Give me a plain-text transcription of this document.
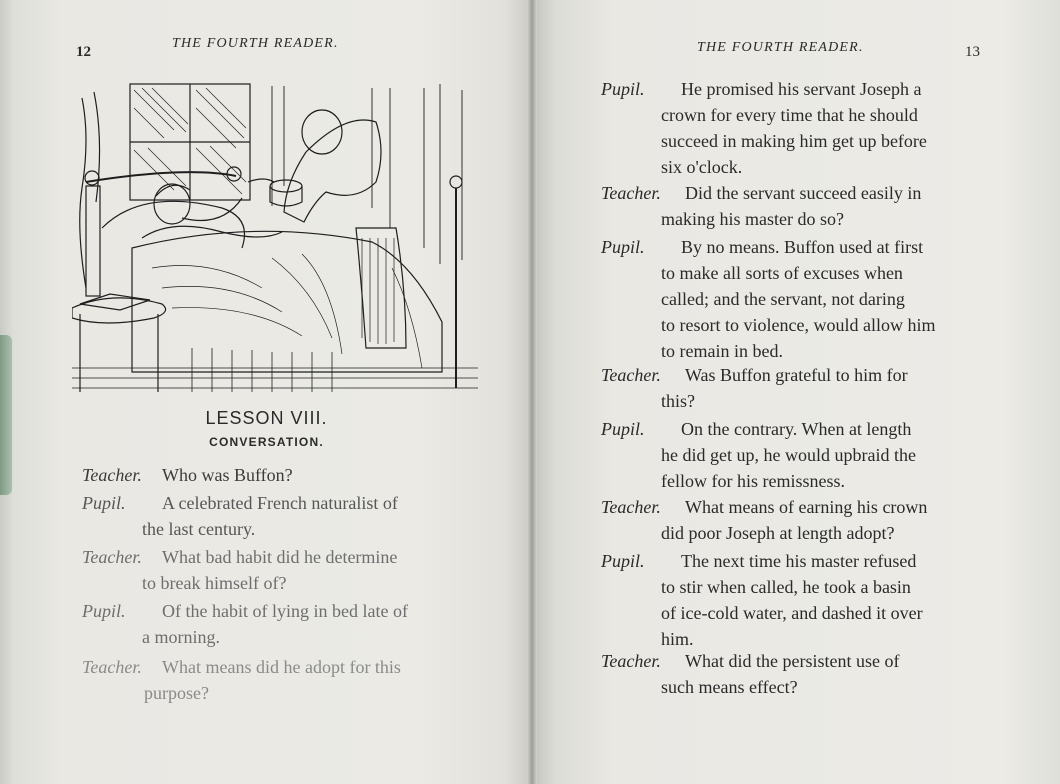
12
THE FOURTH READER.
LESSON VIII.
CONVERSATION.
Teacher. Who was Buffon?
Pupil. A celebrated French naturalist of
the last century.
Teacher. What bad habit did he determine
to break himself of?
Pupil. Of the habit of lying in bed late of
a morning.
Teacher. What means did he adopt for this
purpose?
THE FOURTH READER.	13
Pupil. He promised his servant Joseph a
crown for every time that he should
succeed in making him get up before
six o'clock.
Teacher. Did the servant succeed easily in
making his master do so?
Pupil. By no means. Buffon used at first
to make all sorts of excuses when
called; and the servant, not daring
to resort to violence, would allow him
to remain in bed.
Teacher. Was Buffon grateful to him for
this?
Pupil. On the contrary. When at length
he did get up, he would upbraid the
fellow for his remissness.
Teacher. What means of earning his crown
did poor Joseph at length adopt?
Pupil. The next time his master refused
to stir when called, he took a basin
of ice-cold water, and dashed it over
him.
Teacher. What did the persistent use of
such means effect?
